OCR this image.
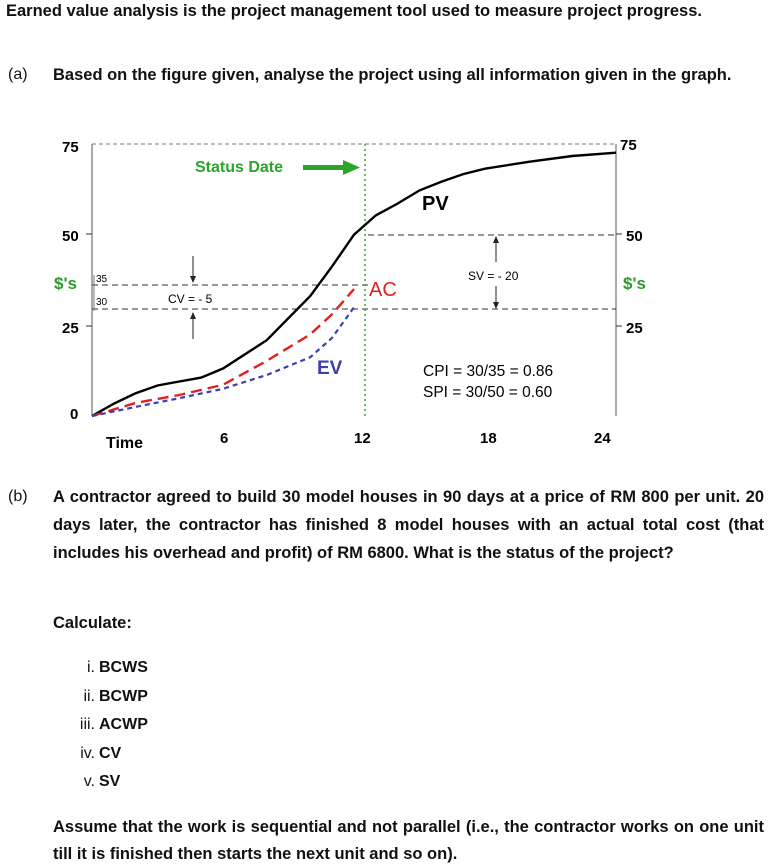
Earned value analysis is the project management tool used to measure project progress.

(a) Based on the figure given, analyse the project using all information given in the graph.

75
50
25
0
75
50
25
$'s	$'s
35
30
Time	6	12	18	24
Status Date
PV
AC
EV
CV = - 5
SV = - 20
CPI = 30/35 = 0.86
SPI = 30/50 = 0.60
(b) A contractor agreed to build 30 model houses in 90 days at a price of RM 800 per unit. 20 days later, the contractor has finished 8 model houses with an actual total cost (that includes his overhead and profit) of RM 6800. What is the status of the project?

Calculate:
i. BCWS
ii. BCWP
iii. ACWP
iv. CV
v. SV

Assume that the work is sequential and not parallel (i.e., the contractor works on one unit till it is finished then starts the next unit and so on).
